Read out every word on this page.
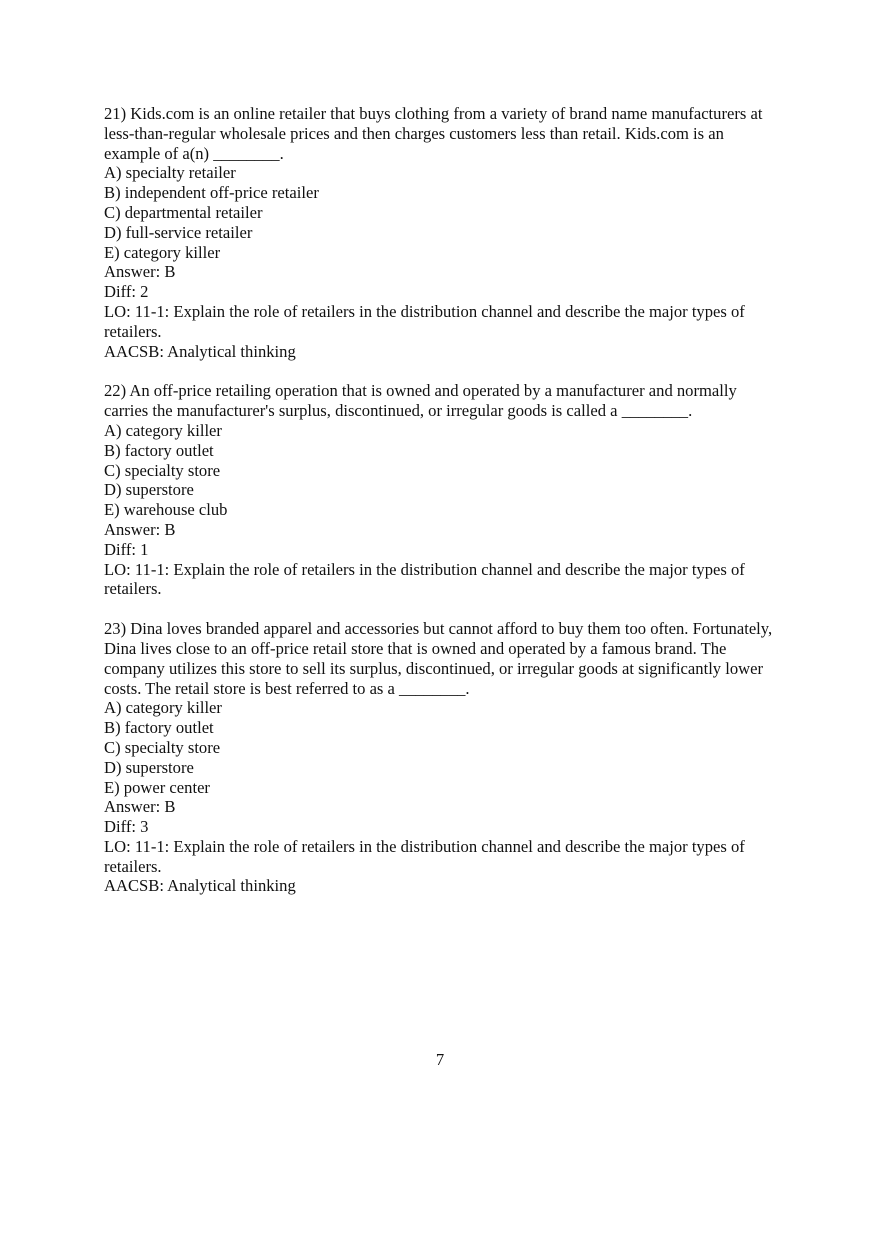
21) Kids.com is an online retailer that buys clothing from a variety of brand name manufacturers at less-than-regular wholesale prices and then charges customers less than retail. Kids.com is an example of a(n) ________.
A) specialty retailer
B) independent off-price retailer
C) departmental retailer
D) full-service retailer
E) category killer
Answer: B
Diff: 2
LO: 11-1: Explain the role of retailers in the distribution channel and describe the major types of retailers.
AACSB: Analytical thinking
22) An off-price retailing operation that is owned and operated by a manufacturer and normally carries the manufacturer's surplus, discontinued, or irregular goods is called a ________.
A) category killer
B) factory outlet
C) specialty store
D) superstore
E) warehouse club
Answer: B
Diff: 1
LO: 11-1: Explain the role of retailers in the distribution channel and describe the major types of retailers.
23) Dina loves branded apparel and accessories but cannot afford to buy them too often. Fortunately, Dina lives close to an off-price retail store that is owned and operated by a famous brand. The company utilizes this store to sell its surplus, discontinued, or irregular goods at significantly lower costs. The retail store is best referred to as a ________.
A) category killer
B) factory outlet
C) specialty store
D) superstore
E) power center
Answer: B
Diff: 3
LO: 11-1: Explain the role of retailers in the distribution channel and describe the major types of retailers.
AACSB: Analytical thinking
7
